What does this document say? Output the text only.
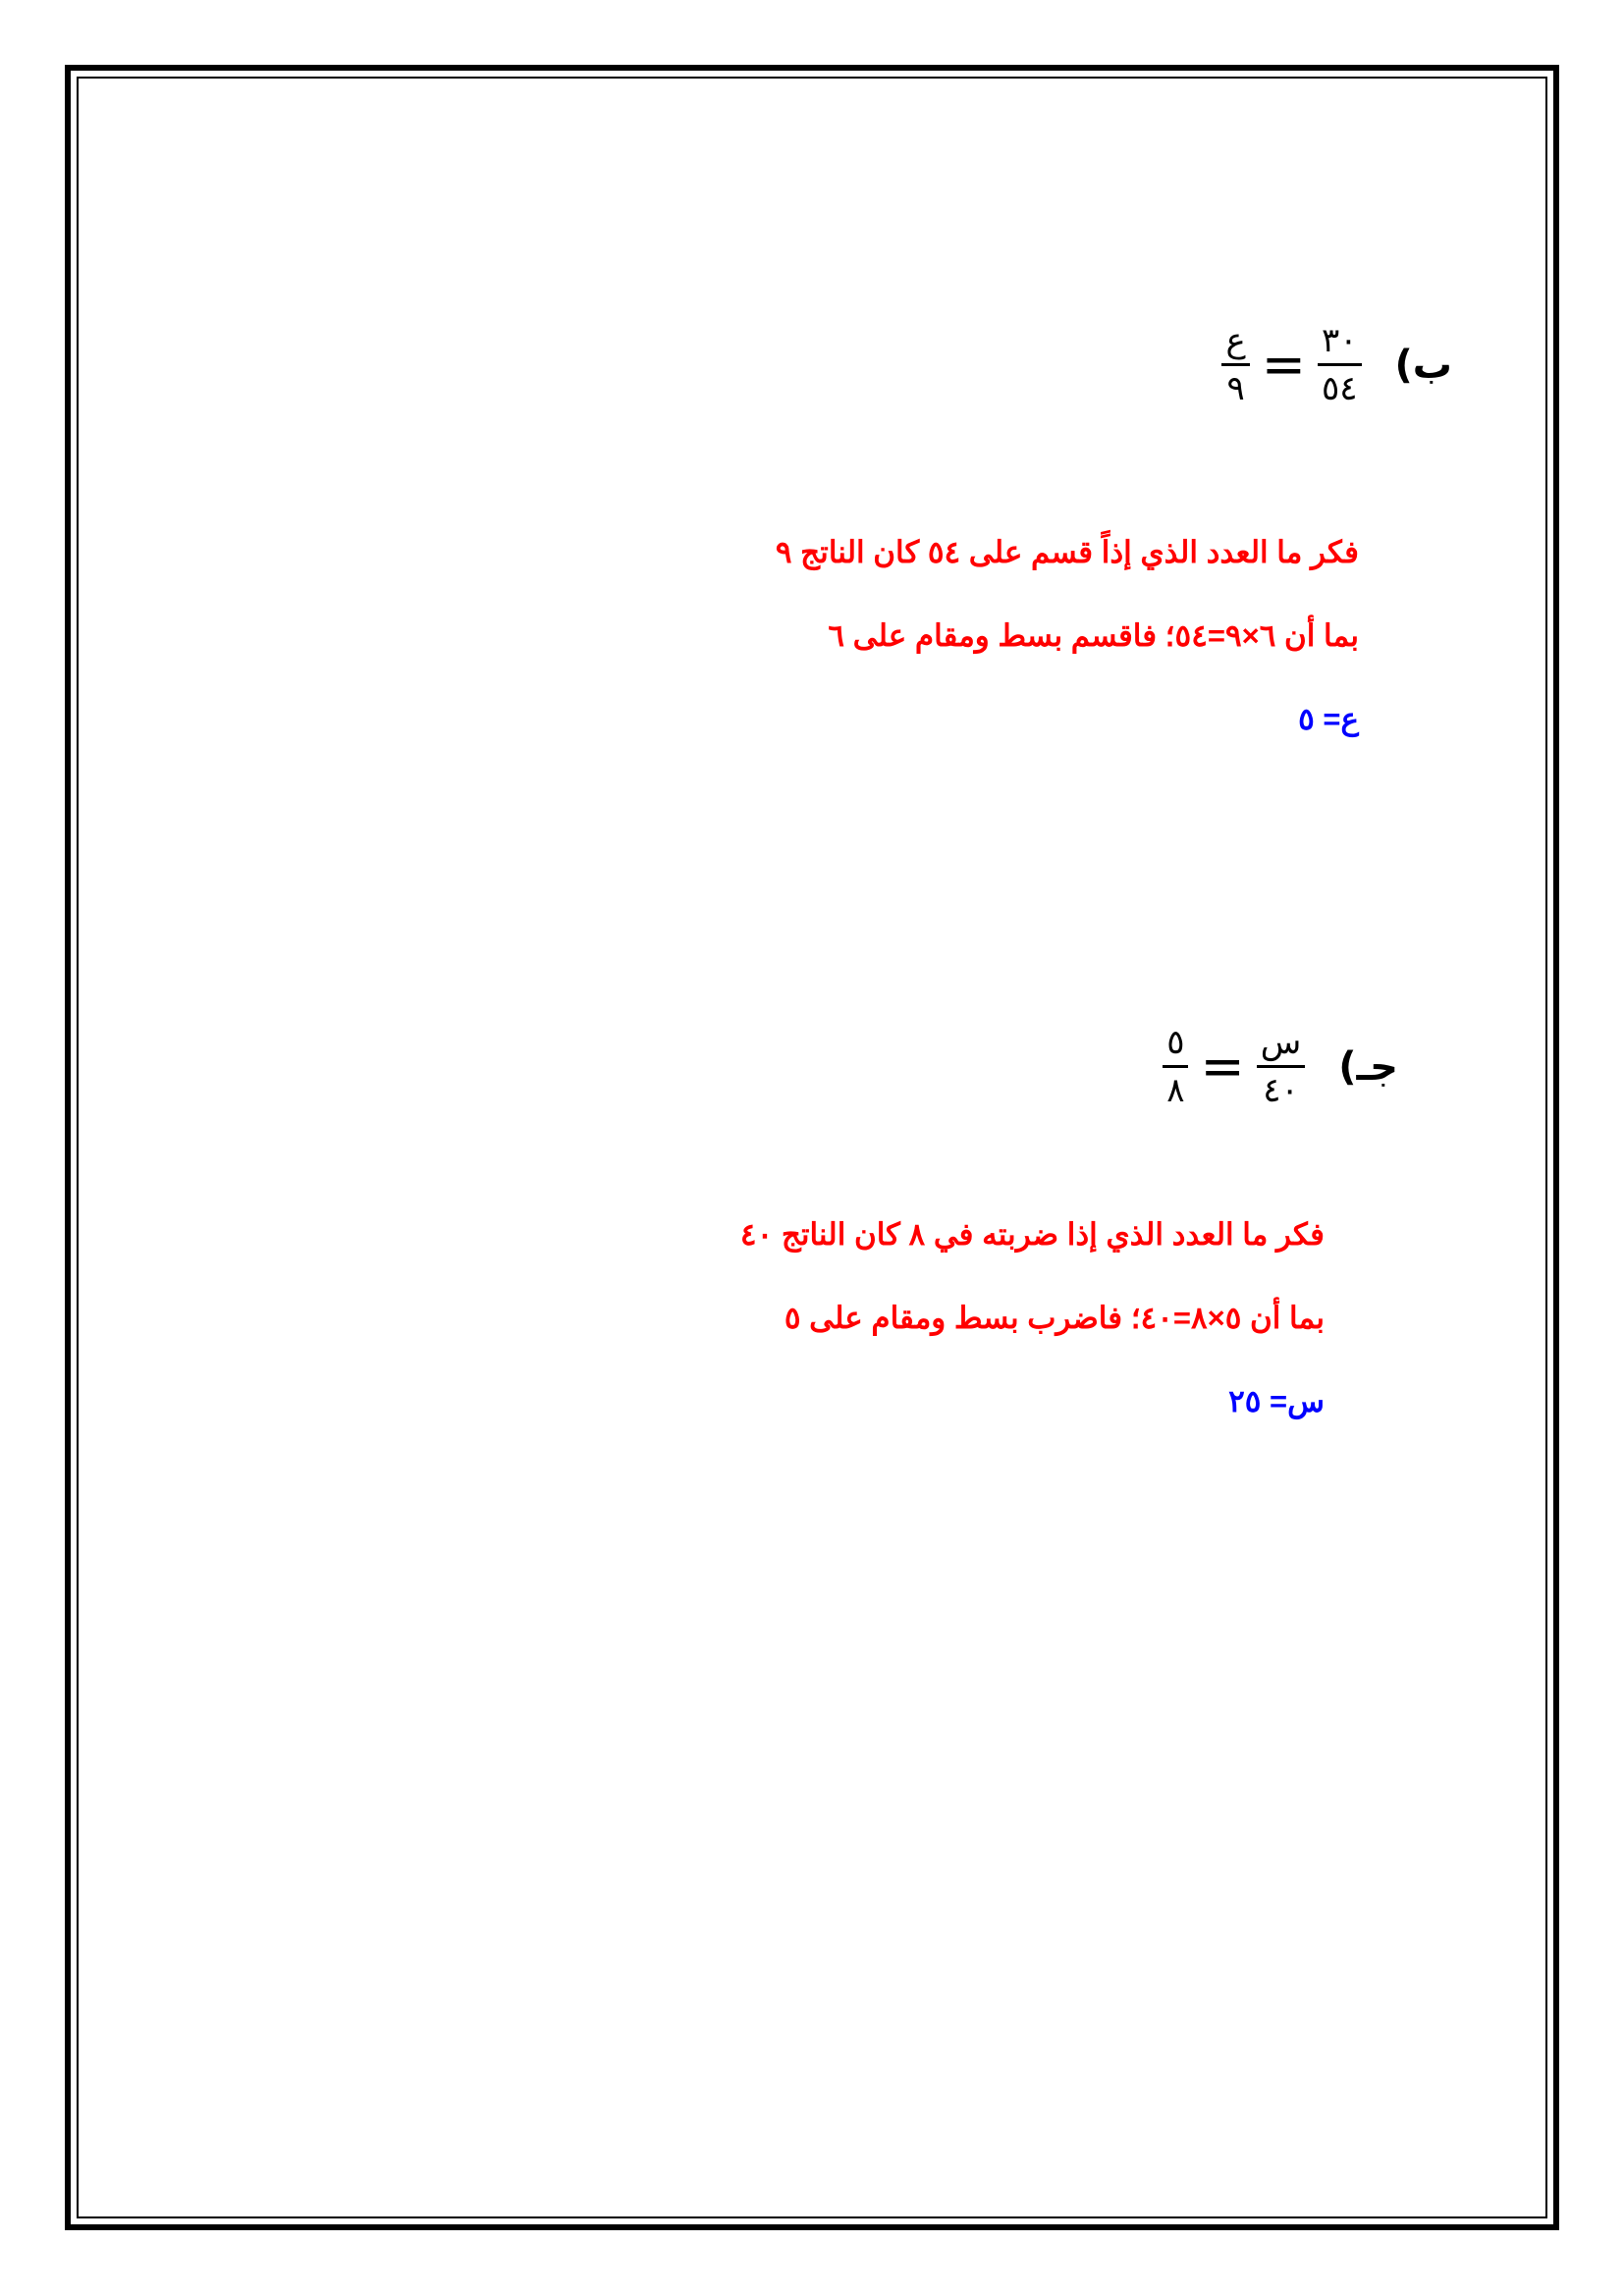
ب)
$\frac{٣٠}{٥٤}$
=
$\frac{\text{ع}}{٩}$
فكر ما العدد الذي إذاً قسم على ٥٤ كان الناتج ٩
بما أن ٦×٩=٥٤؛ فاقسم بسط ومقام على ٦
ع= ٥
جـ)
$\frac{\text{س}}{٤٠}$
=
$\frac{٥}{٨}$
فكر ما العدد الذي إذا ضربته في ٨ كان الناتج ٤٠
بما أن ٥×٨=٤٠؛ فاضرب بسط ومقام على ٥
س= ٢٥
